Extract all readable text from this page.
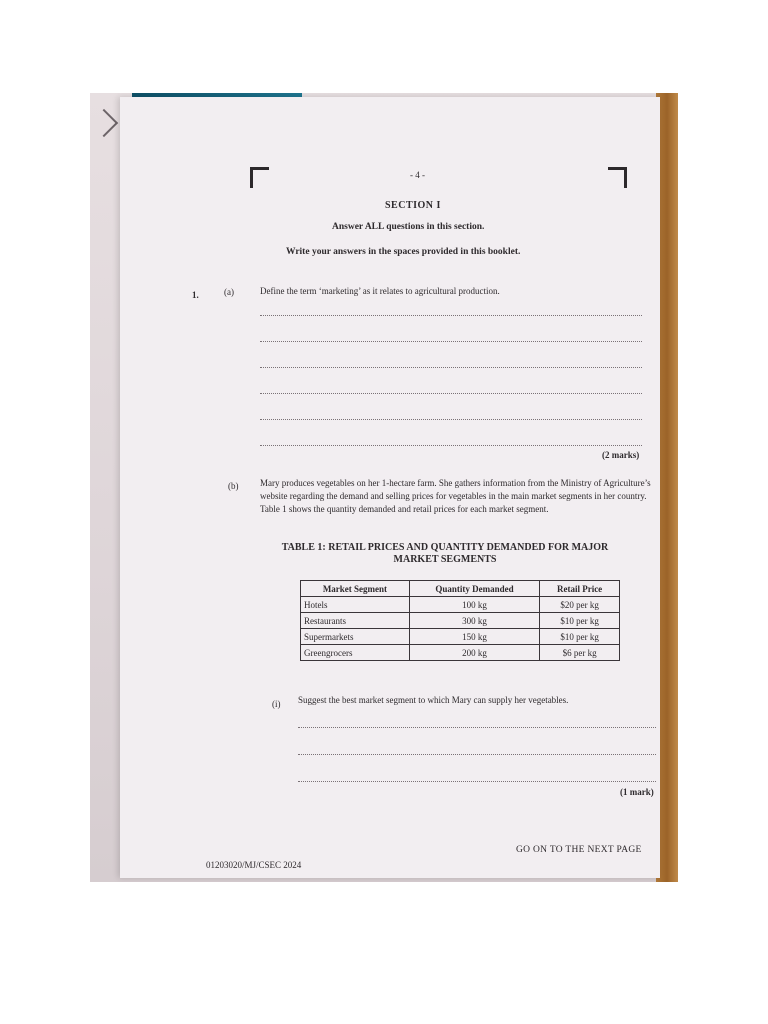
- 4 -
SECTION I
Answer ALL questions in this section.
Write your answers in the spaces provided in this booklet.
1.	(a)	Define the term ‘marketing’ as it relates to agricultural production.
(2 marks)
(b) Mary produces vegetables on her 1-hectare farm. She gathers information from the Ministry of Agriculture’s website regarding the demand and selling prices for vegetables in the main market segments in her country. Table 1 shows the quantity demanded and retail prices for each market segment.
TABLE 1: RETAIL PRICES AND QUANTITY DEMANDED FOR MAJOR MARKET SEGMENTS
Market Segment	Quantity Demanded	Retail Price
Hotels	100 kg	$20 per kg
Restaurants	300 kg	$10 per kg
Supermarkets	150 kg	$10 per kg
Greengrocers	200 kg	$6 per kg
(i) Suggest the best market segment to which Mary can supply her vegetables.
(1 mark)
GO ON TO THE NEXT PAGE
01203020/MJ/CSEC 2024
